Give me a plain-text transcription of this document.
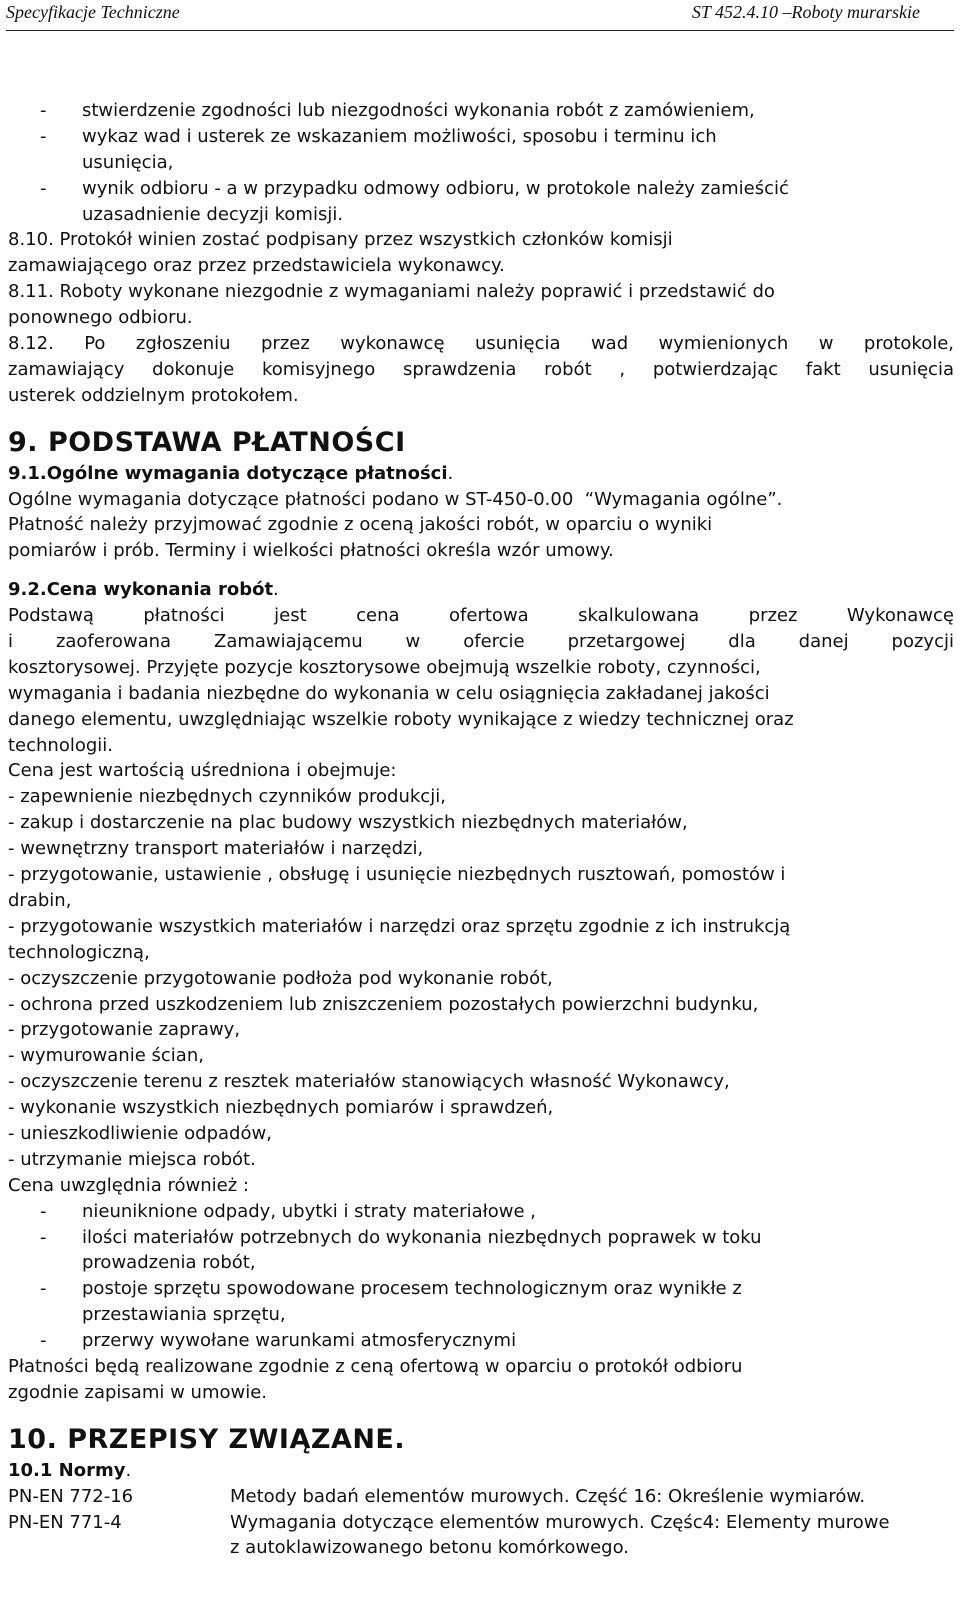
Specyfikacje Techniczne	ST 452.4.10 –Roboty murarskie
- stwierdzenie zgodności lub niezgodności wykonania robót z zamówieniem,
- wykaz wad i usterek ze wskazaniem możliwości, sposobu i terminu ich
usunięcia,
- wynik odbioru - a w przypadku odmowy odbioru, w protokole należy zamieścić
uzasadnienie decyzji komisji.
8.10. Protokół winien zostać podpisany przez wszystkich członków komisji
zamawiającego oraz przez przedstawiciela wykonawcy.
8.11. Roboty wykonane niezgodnie z wymaganiami należy poprawić i przedstawić do
ponownego odbioru.
8.12. Po zgłoszeniu przez wykonawcę usunięcia wad wymienionych w protokole,
zamawiający dokonuje komisyjnego sprawdzenia robót , potwierdzając fakt usunięcia
usterek oddzielnym protokołem.
9. PODSTAWA PŁATNOŚCI
9.1.Ogólne wymagania dotyczące płatności.
Ogólne wymagania dotyczące płatności podano w ST-450-0.00  “Wymagania ogólne”.
Płatność należy przyjmować zgodnie z oceną jakości robót, w oparciu o wyniki
pomiarów i prób. Terminy i wielkości płatności określa wzór umowy.
9.2.Cena wykonania robót.
Podstawą płatności jest cena ofertowa skalkulowana przez Wykonawcę
i zaoferowana Zamawiającemu w ofercie przetargowej dla danej pozycji
kosztorysowej. Przyjęte pozycje kosztorysowe obejmują wszelkie roboty, czynności,
wymagania i badania niezbędne do wykonania w celu osiągnięcia zakładanej jakości
danego elementu, uwzględniając wszelkie roboty wynikające z wiedzy technicznej oraz
technologii.
Cena jest wartością uśredniona i obejmuje:
- zapewnienie niezbędnych czynników produkcji,
- zakup i dostarczenie na plac budowy wszystkich niezbędnych materiałów,
- wewnętrzny transport materiałów i narzędzi,
- przygotowanie, ustawienie , obsługę i usunięcie niezbędnych rusztowań, pomostów i
drabin,
- przygotowanie wszystkich materiałów i narzędzi oraz sprzętu zgodnie z ich instrukcją
technologiczną,
- oczyszczenie przygotowanie podłoża pod wykonanie robót,
- ochrona przed uszkodzeniem lub zniszczeniem pozostałych powierzchni budynku,
- przygotowanie zaprawy,
- wymurowanie ścian,
- oczyszczenie terenu z resztek materiałów stanowiących własność Wykonawcy,
- wykonanie wszystkich niezbędnych pomiarów i sprawdzeń,
- unieszkodliwienie odpadów,
- utrzymanie miejsca robót.
Cena uwzględnia również :
- nieuniknione odpady, ubytki i straty materiałowe ,
- ilości materiałów potrzebnych do wykonania niezbędnych poprawek w toku
prowadzenia robót,
- postoje sprzętu spowodowane procesem technologicznym oraz wynikłe z
przestawiania sprzętu,
- przerwy wywołane warunkami atmosferycznymi
Płatności będą realizowane zgodnie z ceną ofertową w oparciu o protokół odbioru
zgodnie zapisami w umowie.
10. PRZEPISY ZWIĄZANE.
10.1 Normy.
PN-EN 772-16	Metody badań elementów murowych. Część 16: Określenie wymiarów.
PN-EN 771-4	Wymagania dotyczące elementów murowych. Częśc4: Elementy murowe
z autoklawizowanego betonu komórkowego.
